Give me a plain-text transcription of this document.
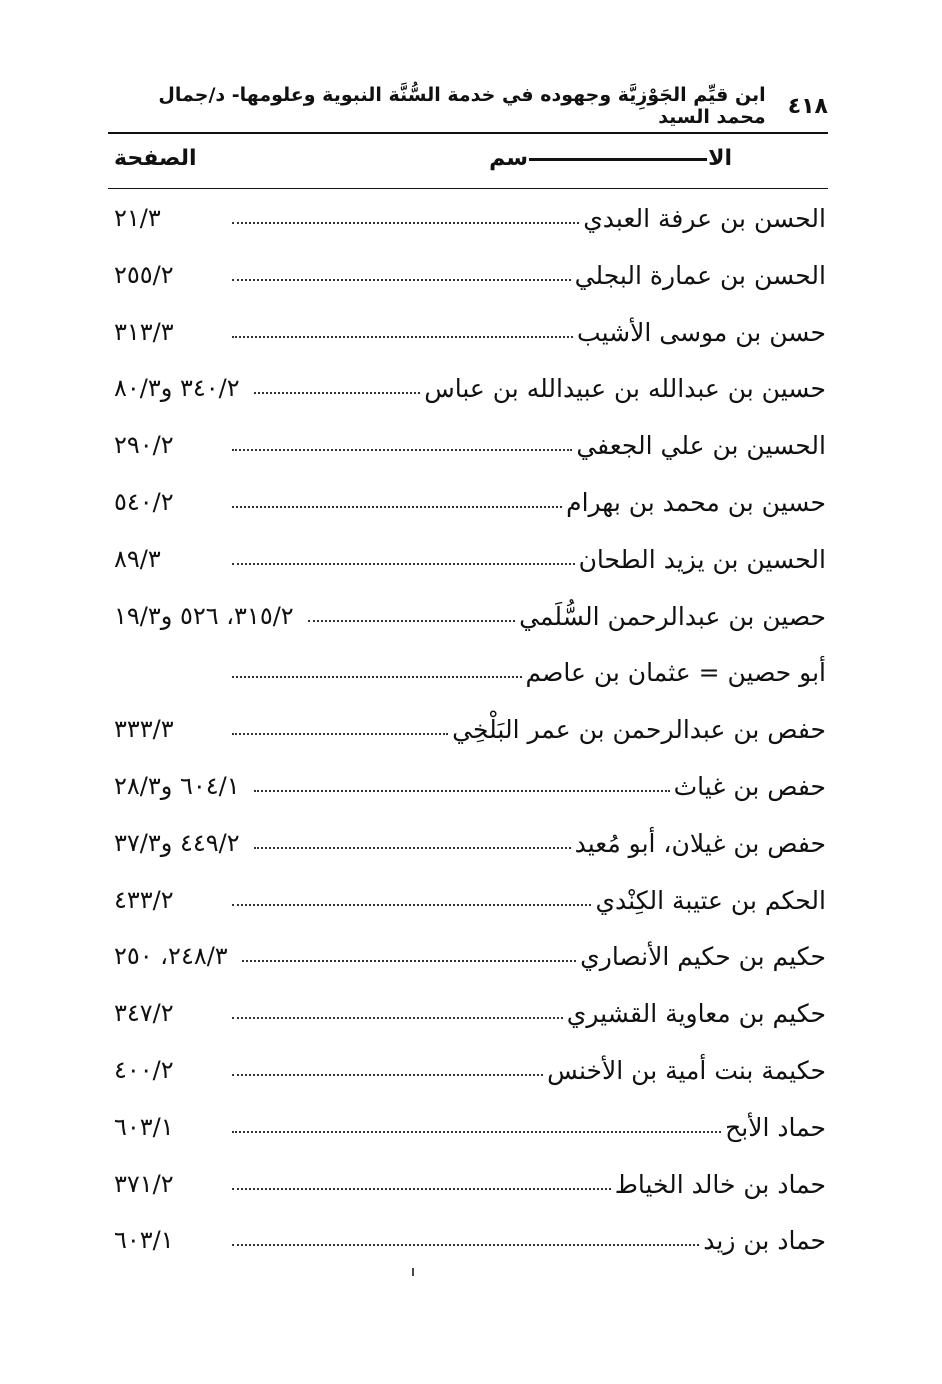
٤١٨
ابن قيِّم الجَوْزِيَّة وجهوده في خدمة السُّنَّة النبوية وعلومها- د/جمال محمد السيد
الاسم
الصفحة
الحسن بن عرفة العبدي
٢١/٣
الحسن بن عمارة البجلي
٢٥٥/٢
حسن بن موسى الأشيب
٣١٣/٣
حسين بن عبدالله بن عبيدالله بن عباس
٣٤٠/٢ و٨٠/٣
الحسين بن علي الجعفي
٢٩٠/٢
حسين بن محمد بن بهرام
٥٤٠/٢
الحسين بن يزيد الطحان
٨٩/٣
حصين بن عبدالرحمن السُّلَمي
٣١٥/٢، ٥٢٦ و١٩/٣
أبو حصين = عثمان بن عاصم
حفص بن عبدالرحمن بن عمر البَلْخِي
٣٣٣/٣
حفص بن غياث
٦٠٤/١ و٢٨/٣
حفص بن غيلان، أبو مُعيد
٤٤٩/٢ و٣٧/٣
الحكم بن عتيبة الكِنْدي
٤٣٣/٢
حكيم بن حكيم الأنصاري
٢٤٨/٣، ٢٥٠
حكيم بن معاوية القشيري
٣٤٧/٢
حكيمة بنت أمية بن الأخنس
٤٠٠/٢
حماد الأبح
٦٠٣/١
حماد بن خالد الخياط
٣٧١/٢
حماد بن زيد
٦٠٣/١
